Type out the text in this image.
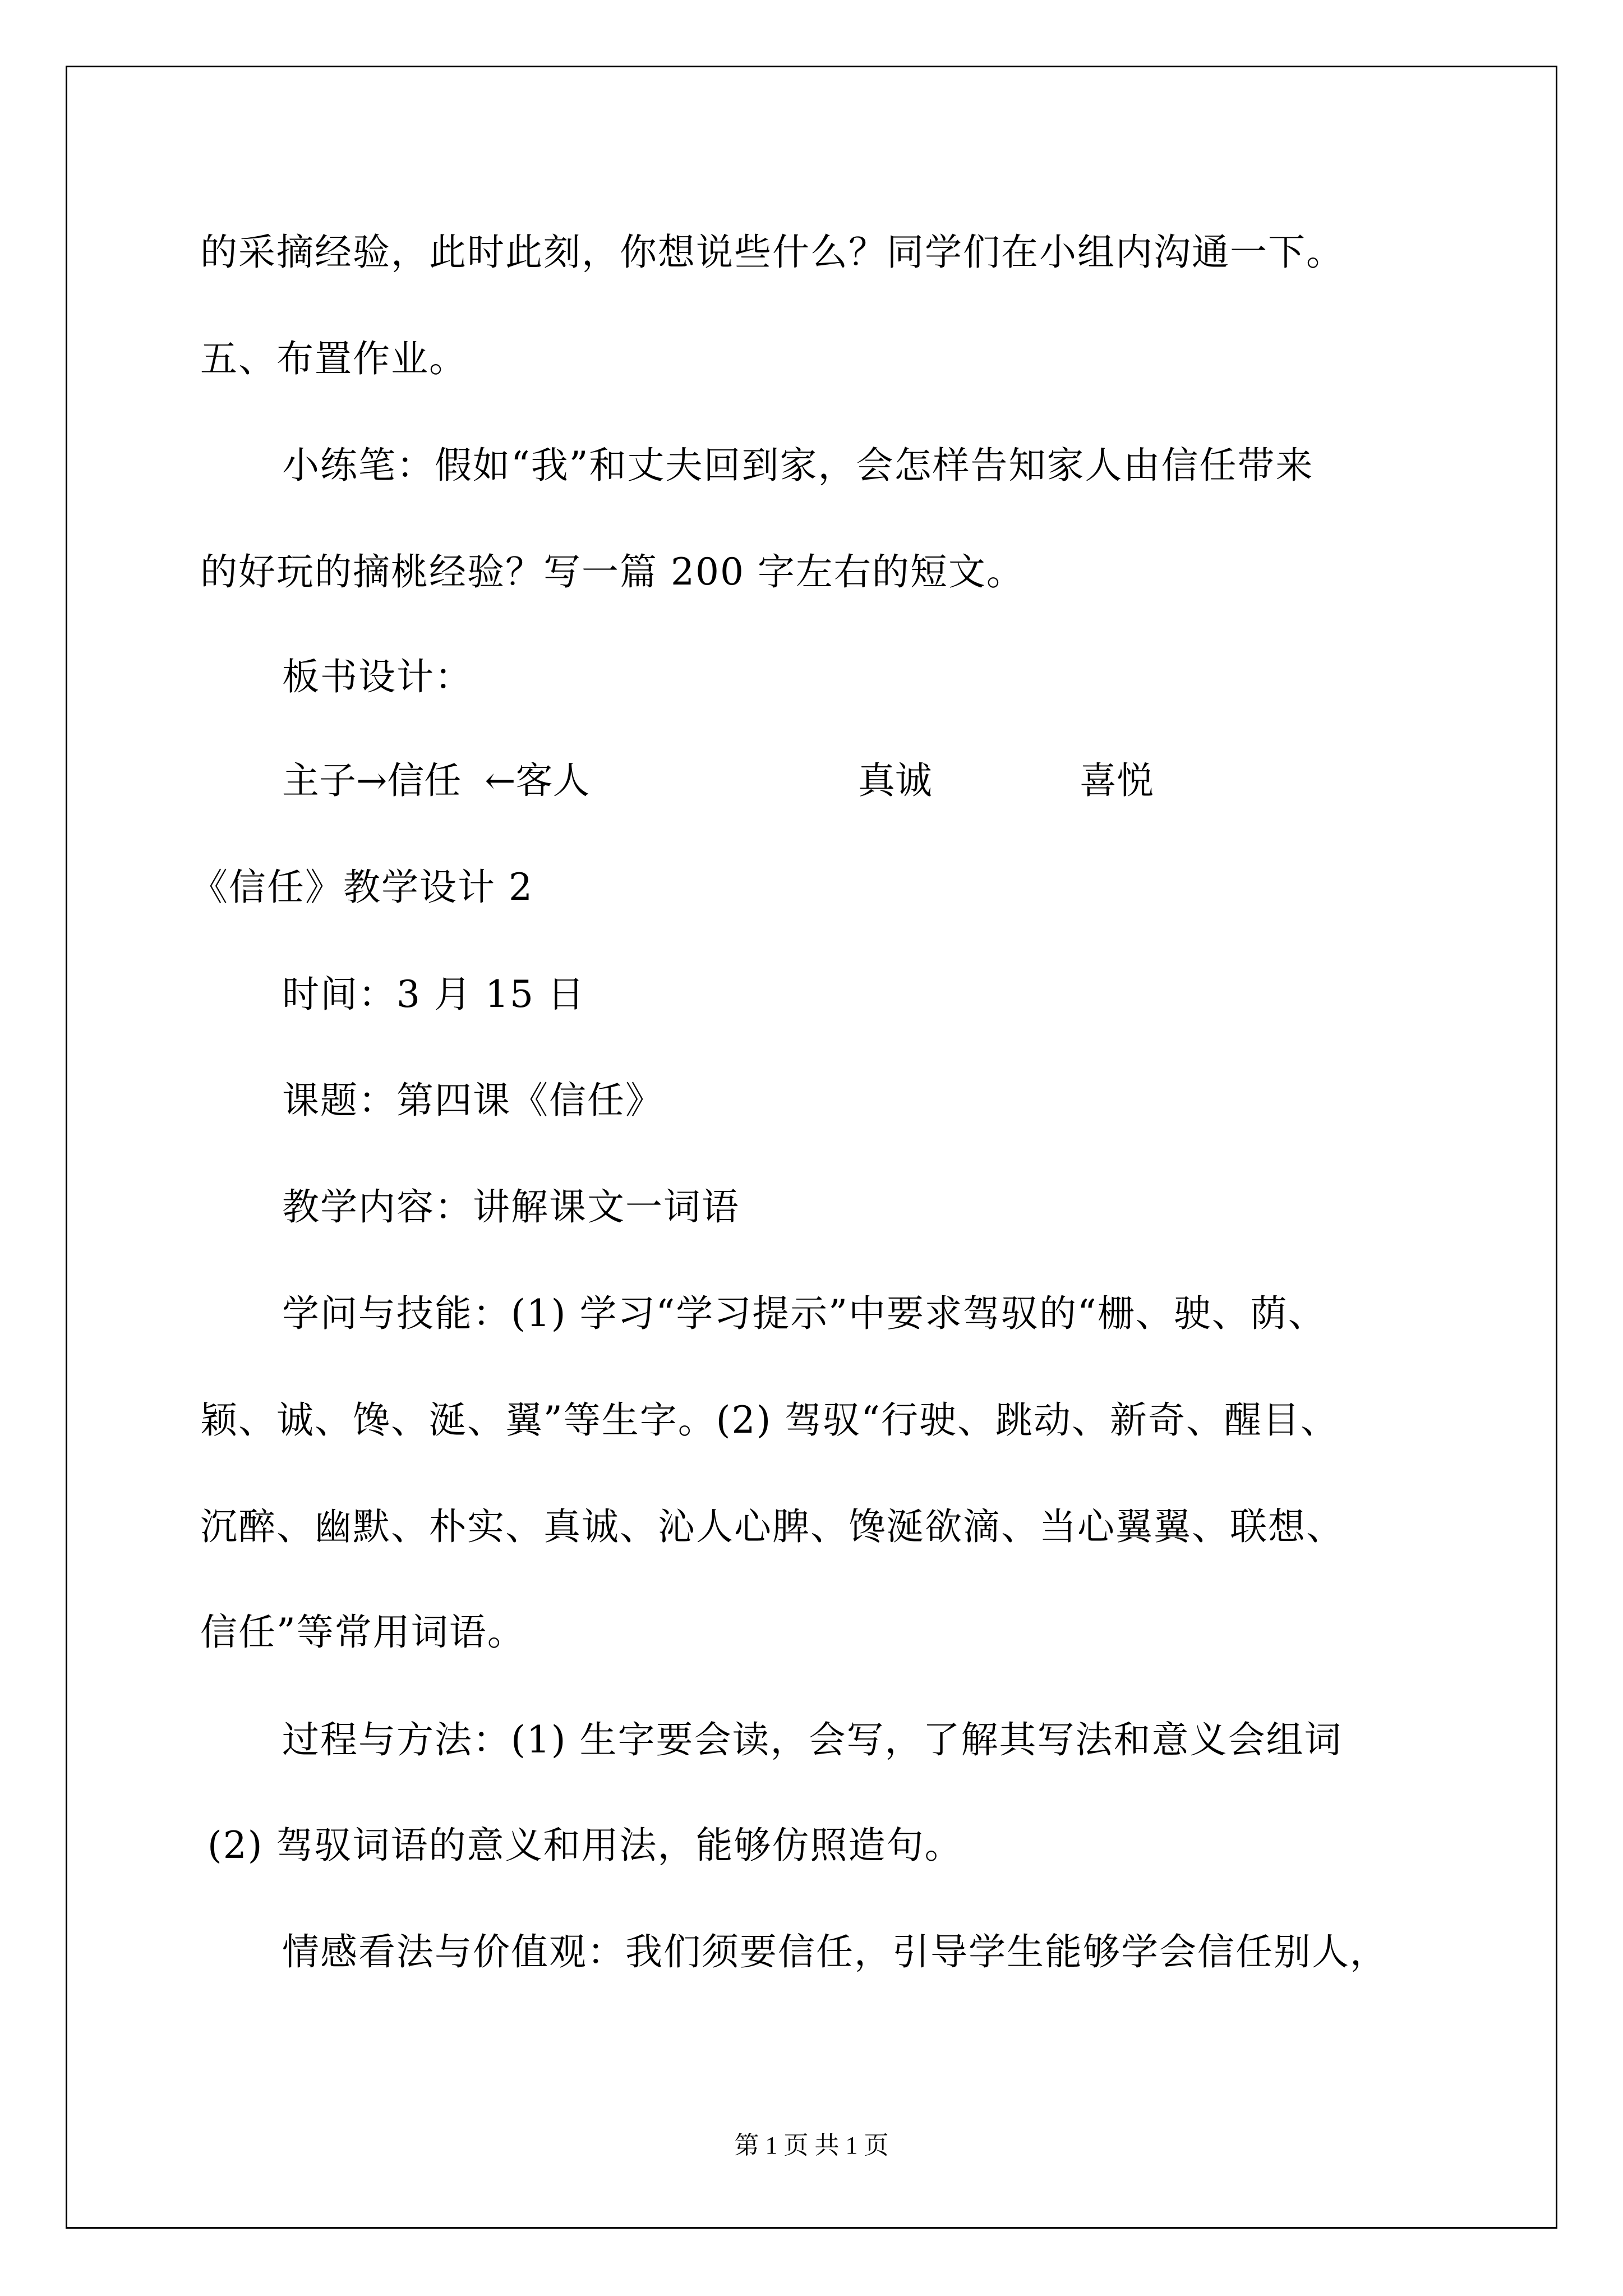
的采摘经验，此时此刻，你想说些什么？同学们在小组内沟通一下。
五、布置作业。
小练笔：假如“我”和丈夫回到家，会怎样告知家人由信任带来
的好玩的摘桃经验？写一篇 200 字左右的短文。
板书设计：
主子→信任  ←客人	真诚	喜悦
《信任》教学设计 2
时间：3 月 15 日
课题：第四课《信任》
教学内容：讲解课文一词语
学问与技能：(1) 学习“学习提示”中要求驾驭的“栅、驶、荫、
颖、诚、馋、涎、翼”等生字。(2) 驾驭“行驶、跳动、新奇、醒目、
沉醉、幽默、朴实、真诚、沁人心脾、馋涎欲滴、当心翼翼、联想、
信任”等常用词语。
过程与方法：(1) 生字要会读，会写，了解其写法和意义会组词
(2) 驾驭词语的意义和用法，能够仿照造句。
情感看法与价值观：我们须要信任，引导学生能够学会信任别人，
第 1 页 共 1 页
